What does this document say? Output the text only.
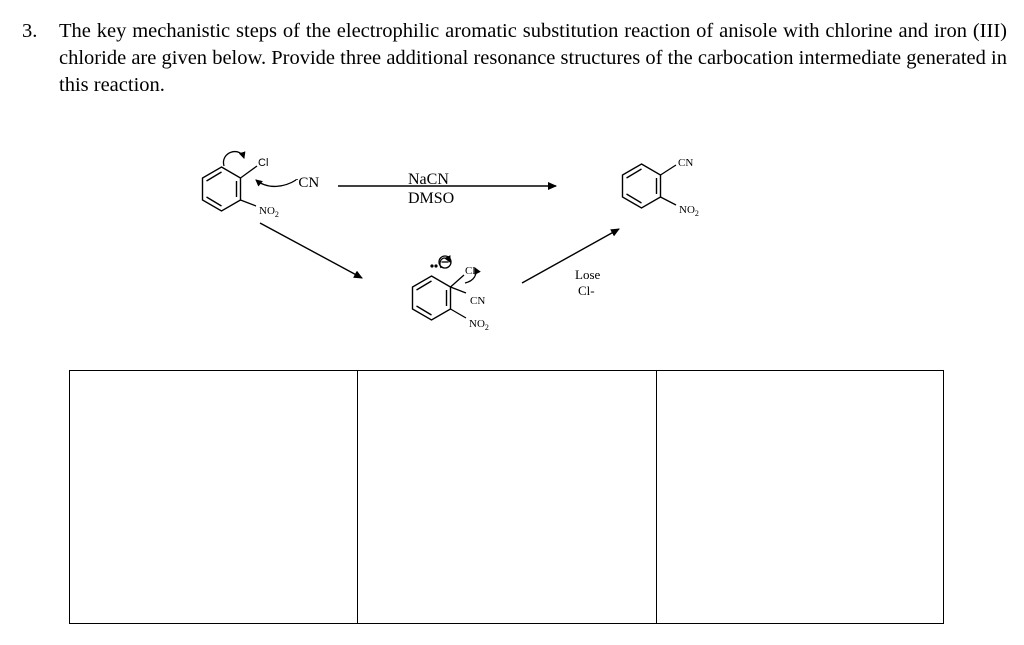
3. The key mechanistic steps of the electrophilic aromatic substitution reaction of anisole with chlorine and iron (III) chloride are given below. Provide three additional resonance structures of the carbocation intermediate generated in this reaction.
Cl
$NO_2$
-CN	NaCN
DMSO
CN
$NO_2$
Cl
CN
$NO_2$
Lose
Cl-
